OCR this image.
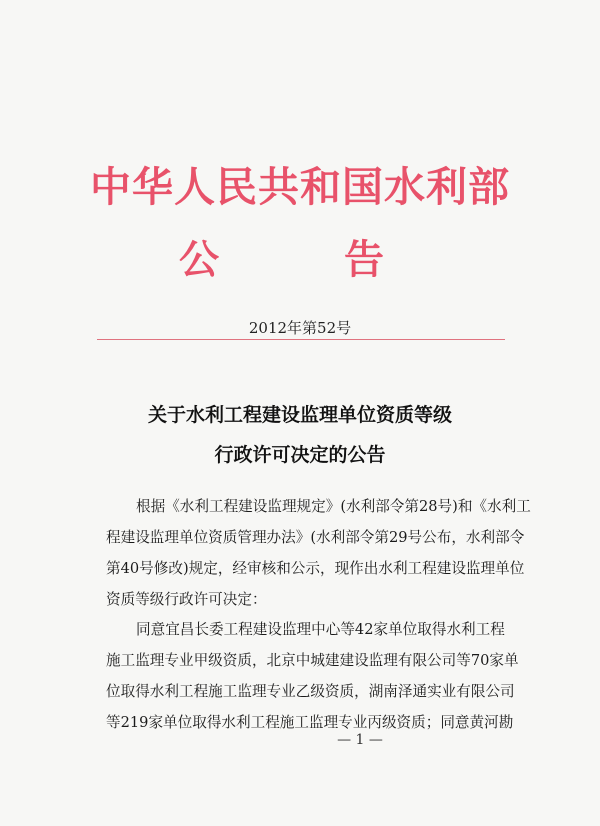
中华人民共和国水利部
公	告
2012年第52号
关于水利工程建设监理单位资质等级
行政许可决定的公告
根据《水利工程建设监理规定》(水利部令第28号)和《水利工
程建设监理单位资质管理办法》(水利部令第29号公布，水利部令
第40号修改)规定，经审核和公示，现作出水利工程建设监理单位
资质等级行政许可决定：
同意宜昌长委工程建设监理中心等42家单位取得水利工程
施工监理专业甲级资质，北京中城建建设监理有限公司等70家单
位取得水利工程施工监理专业乙级资质，湖南泽通实业有限公司
等219家单位取得水利工程施工监理专业丙级资质；同意黄河勘
— 1 —
